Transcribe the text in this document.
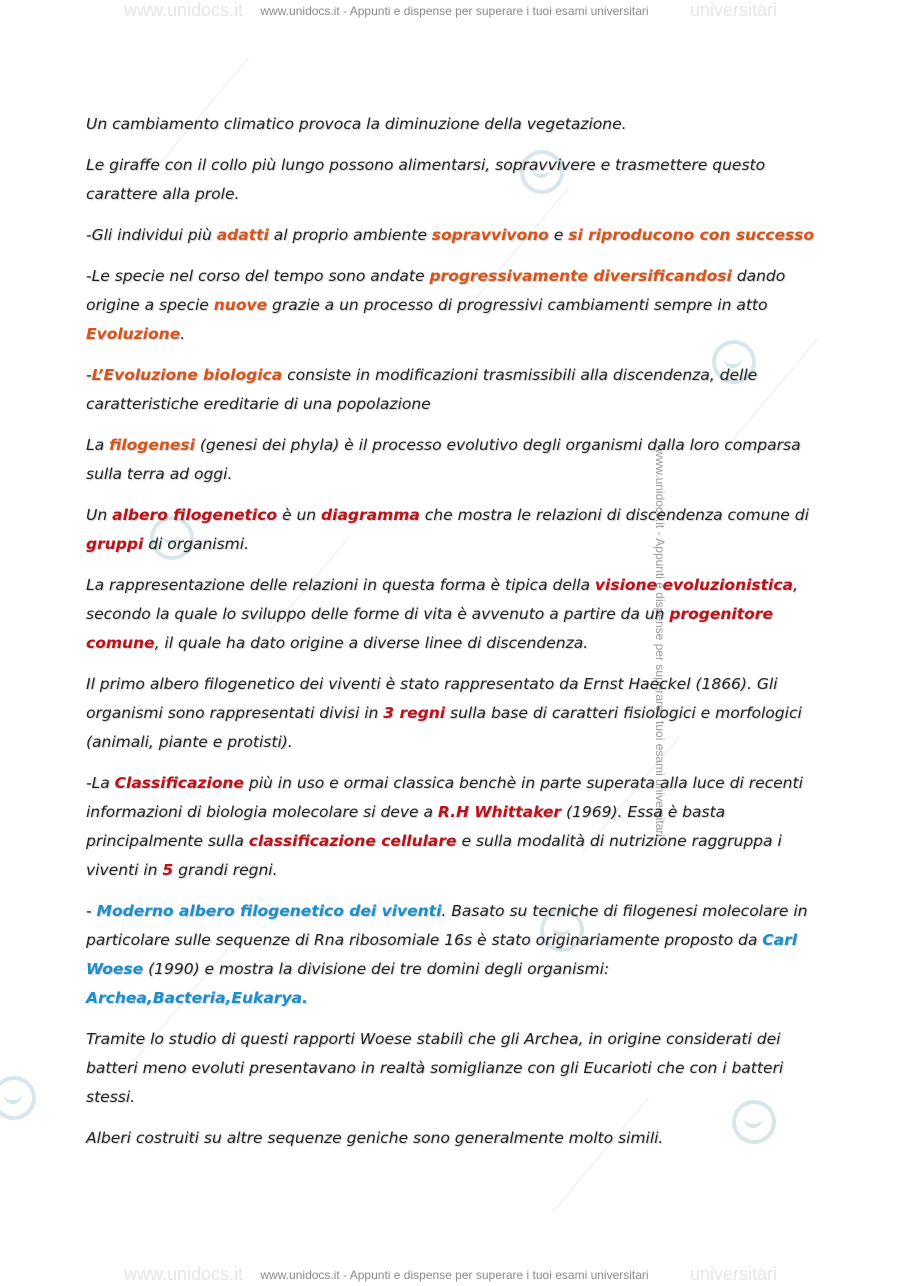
www.unidocs.it	universitari
www.unidocs.it	universitari
www.unidocs.it - Appunti e dispense per superare i tuoi esami universitari
www.unidocs.it - Appunti e dispense per superare i tuoi esami universitari
www.unidocs.it - Appunti e dispense per superare i tuoi esami universitari

Un cambiamento climatico provoca la diminuzione della vegetazione.

Le giraffe con il collo più lungo possono alimentarsi, sopravvivere e trasmettere questo carattere alla prole.

-Gli individui più adatti al proprio ambiente sopravvivono e si riproducono con successo

-Le specie nel corso del tempo sono andate progressivamente diversificandosi dando origine a specie nuove grazie a un processo di progressivi cambiamenti sempre in atto Evoluzione.

-L’Evoluzione biologica consiste in modificazioni trasmissibili alla discendenza, delle caratteristiche ereditarie di una popolazione

La filogenesi (genesi dei phyla) è il processo evolutivo degli organismi dalla loro comparsa sulla terra ad oggi.

Un albero filogenetico è un diagramma che mostra le relazioni di discendenza comune di gruppi di organismi.

La rappresentazione delle relazioni in questa forma è tipica della visione evoluzionistica, secondo la quale lo sviluppo delle forme di vita è avvenuto a partire da un progenitore comune, il quale ha dato origine a diverse linee di discendenza.

Il primo albero filogenetico dei viventi è stato rappresentato da Ernst Haeckel (1866). Gli organismi sono rappresentati divisi in 3 regni sulla base di caratteri fisiologici e morfologici (animali, piante e protisti).

-La Classificazione più in uso e ormai classica benchè in parte superata alla luce di recenti informazioni di biologia molecolare si deve a R.H Whittaker (1969). Essa è basta principalmente sulla classificazione cellulare e sulla modalità di nutrizione raggruppa i viventi in 5 grandi regni.

- Moderno albero filogenetico dei viventi. Basato su tecniche di filogenesi molecolare in particolare sulle sequenze di Rna ribosomiale 16s è stato originariamente proposto da Carl Woese (1990) e mostra la divisione dei tre domini degli organismi: Archea,Bacteria,Eukarya.

Tramite lo studio di questi rapporti Woese stabilì che gli Archea, in origine considerati dei batteri meno evoluti presentavano in realtà somiglianze con gli Eucarioti che con i batteri stessi.

Alberi costruiti su altre sequenze geniche sono generalmente molto simili.
